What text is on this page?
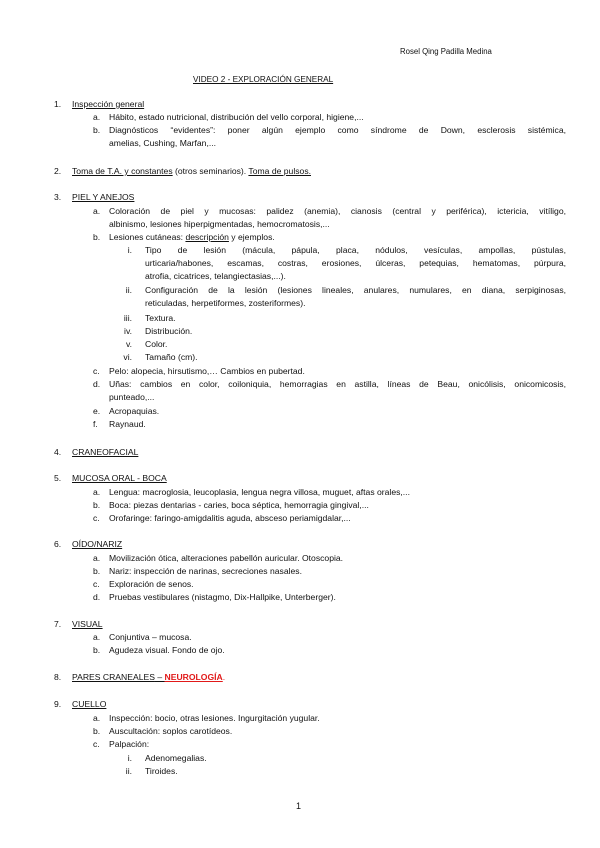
Rosel Qing Padilla Medina
VIDEO 2 - EXPLORACIÓN GENERAL
1.	Inspección general
a.	Hábito, estado nutricional, distribución del vello corporal, higiene,...
b.	Diagnósticos “evidentes”: poner algún ejemplo como síndrome de Down, esclerosis sistémica,
amelias, Cushing, Marfan,...
2.	Toma de T.A. y constantes (otros seminarios). Toma de pulsos.
3.	PIEL Y ANEJOS
a.	Coloración de piel y mucosas: palidez (anemia), cianosis (central y periférica), ictericia, vitíligo,
albinismo, lesiones hiperpigmentadas, hemocromatosis,...
b.	Lesiones cutáneas: descripción y ejemplos.
i. Tipo de lesión (mácula, pápula, placa, nódulos, vesículas, ampollas, pústulas,
urticaria/habones, escamas, costras, erosiones, úlceras, petequias, hematomas, púrpura,
atrofia, cicatrices, telangiectasias,...).
ii. Configuración de la lesión (lesiones lineales, anulares, numulares, en diana, serpiginosas,
reticuladas, herpetiformes, zosteriformes).
iii. Textura.
iv. Distribución.
v. Color.
vi. Tamaño (cm).
c.	Pelo: alopecia, hirsutismo,… Cambios en pubertad.
d.	Uñas: cambios en color, coiloniquia, hemorragias en astilla, líneas de Beau, onicólisis, onicomicosis,
punteado,...
e.	Acropaquias.
f.	Raynaud.
4.	CRANEOFACIAL
5.	MUCOSA ORAL - BOCA
a.	Lengua: macroglosia, leucoplasia, lengua negra villosa, muguet, aftas orales,...
b.	Boca: piezas dentarias - caries, boca séptica, hemorragia gingival,...
c.	Orofaringe: faringo-amigdalitis aguda, absceso periamigdalar,...
6.	OÍDO/NARIZ
a.	Movilización ótica, alteraciones pabellón auricular. Otoscopia.
b.	Nariz: inspección de narinas, secreciones nasales.
c.	Exploración de senos.
d.	Pruebas vestibulares (nistagmo, Dix-Hallpike, Unterberger).
7.	VISUAL
a.	Conjuntiva – mucosa.
b.	Agudeza visual. Fondo de ojo.
8.	PARES CRANEALES – NEUROLOGÍA.
9.	CUELLO
a.	Inspección: bocio, otras lesiones. Ingurgitación yugular.
b.	Auscultación: soplos carotídeos.
c.	Palpación:
i. Adenomegalias.
ii. Tiroides.
1
